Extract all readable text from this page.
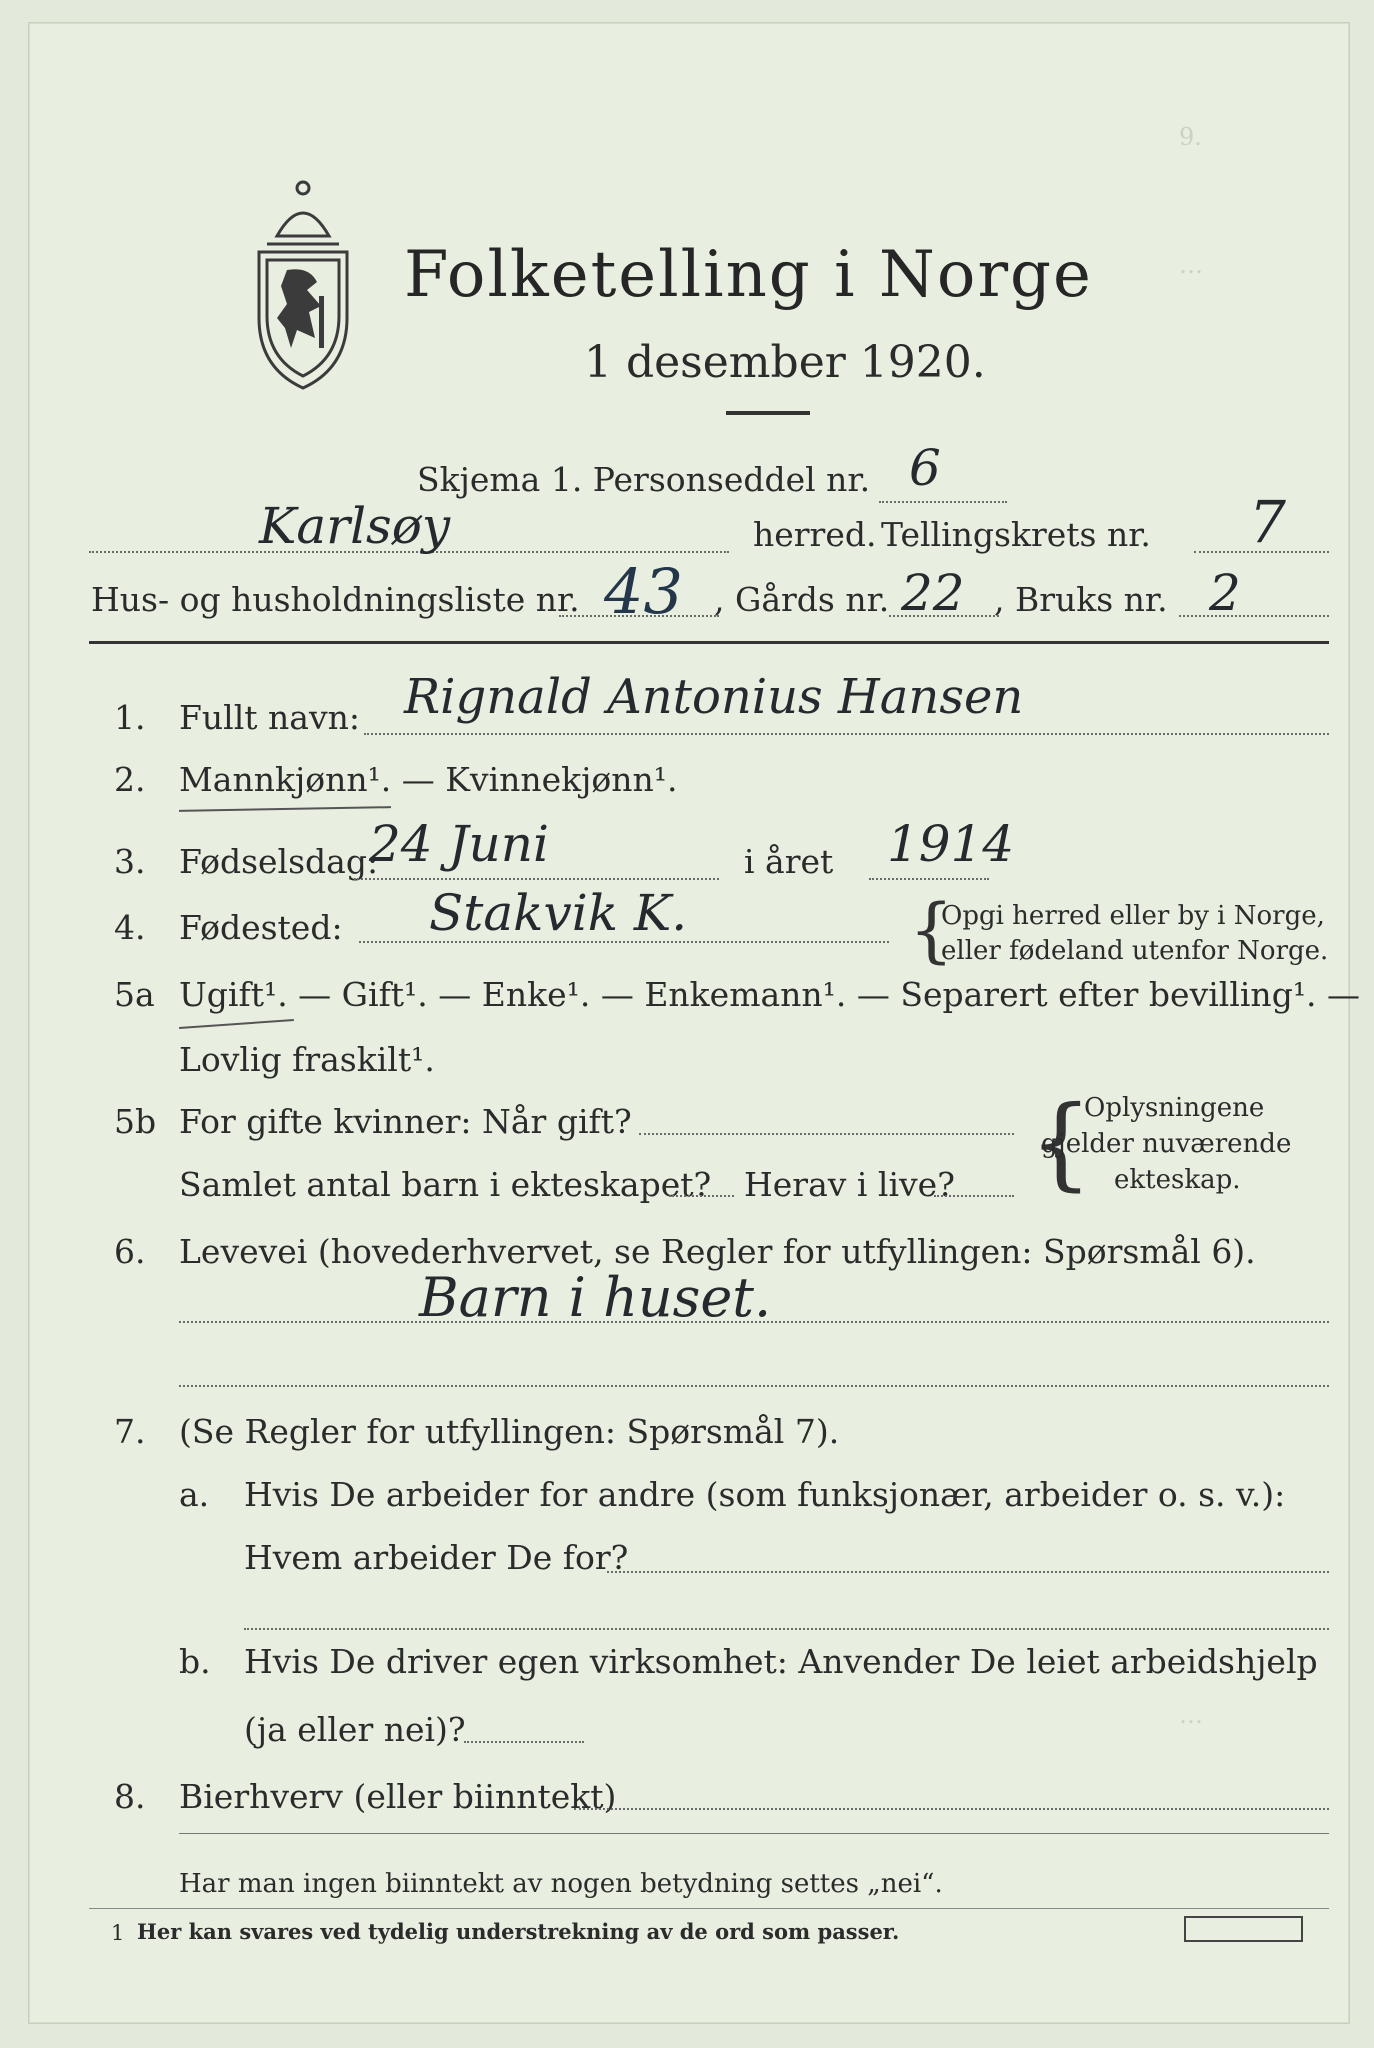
9.
…
…
Folketelling i Norge
1 desember 1920.
Skjema 1. Personseddel nr. 6
Karlsøy	herred. Tellingskrets nr. 7
Hus- og husholdningsliste nr. 43 , Gårds nr. 22 , Bruks nr. 2
1. Fullt navn: Rignald Antonius Hansen
2. Mannkjønn¹. — Kvinnekjønn¹.
3. Fødselsdag:
24 Juni	i året 1914
4. Fødested: Stakvik K.	{
Opgi herred eller by i Norge,
eller fødeland utenfor Norge.
5a Ugift¹. — Gift¹. — Enke¹. — Enkemann¹. — Separert efter bevilling¹. —
Lovlig fraskilt¹.
5b For gifte kvinner: Når gift?
Samlet antal barn i ekteskapet? Herav i live? {
Oplysningene
gjelder nuværende
ekteskap.
6. Levevei (hovederhvervet, se Regler for utfyllingen: Spørsmål 6).
Barn i huset.
7. (Se Regler for utfyllingen: Spørsmål 7).
a. Hvis De arbeider for andre (som funksjonær, arbeider o. s. v.):
Hvem arbeider De for?
b. Hvis De driver egen virksomhet: Anvender De leiet arbeidshjelp
(ja eller nei)?
8. Bierhverv (eller biinntekt)
Har man ingen biinntekt av nogen betydning settes „nei“.
1 Her kan svares ved tydelig understrekning av de ord som passer.
